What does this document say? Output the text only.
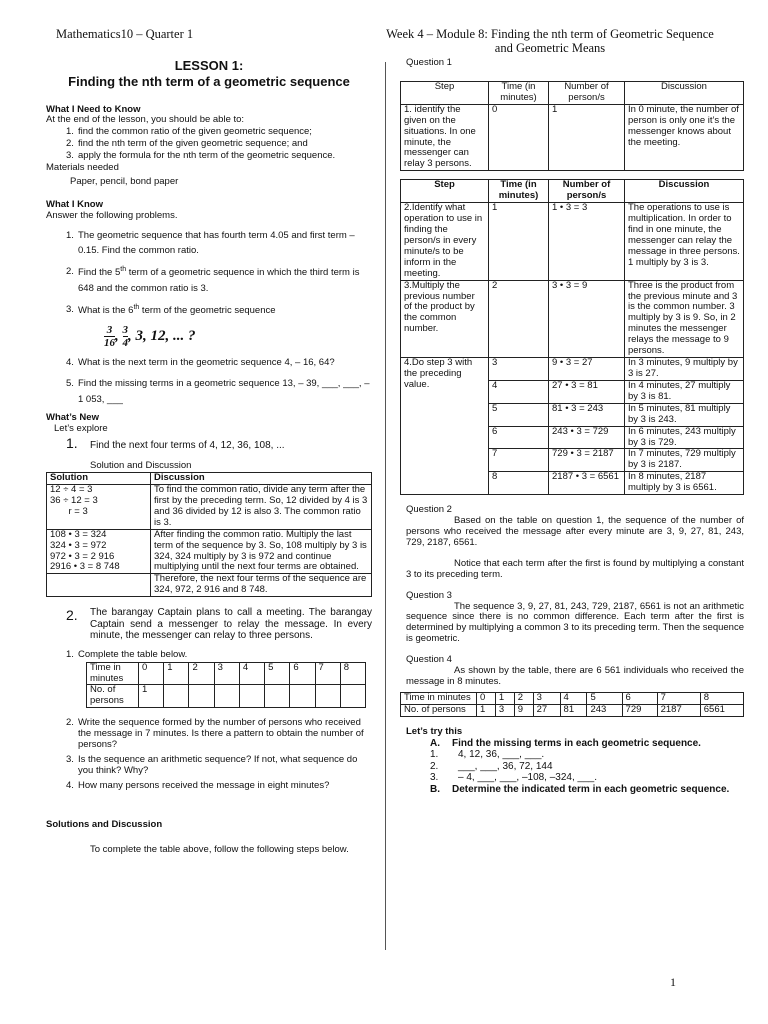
Mathematics10 – Quarter 1	Week 4 – Module 8: Finding the nth term of Geometric Sequence
and Geometric Means
LESSON 1:
Finding the nth term of a geometric sequence
What I Need to Know

At the end of the lesson, you should be able to:

1. find the common ratio of the given geometric sequence;
2. find the nth term of the given geometric sequence; and
3. apply the formula for the nth term of the geometric sequence.

Materials needed

Paper, pencil, bond paper

What I Know

Answer the following problems.

1. The geometric sequence that has fourth term 4.05 and first term – 0.15. Find the common ratio.
2. Find the 5th term of a geometric sequence in which the third term is 648 and the common ratio is 3.
3. What is the 6th term of the geometric sequence
$\frac{3}{16}$ , $\frac{3}{4}$ , 3, 12, ... ?
4. What is the next term in the geometric sequence 4, – 16, 64?
5. Find the missing terms in a geometric sequence 13, – 39, ___, ___, –1 053, ___
What’s New

Let’s explore

1.	Find the next four terms of 4, 12, 36, 108, ...

Solution and Discussion

Solution	Discussion
12 ÷ 4 = 3
36 ÷ 12 = 3
r = 3	To find the common ratio, divide any term after the first by the preceding term. So, 12 divided by 4 is 3 and 36 divided by 12 is also 3. The common ratio is 3.
108 • 3 = 324
324 • 3 = 972
972 • 3 = 2 916
2916 • 3 = 8 748	After finding the common ratio. Multiply the last term of the sequence by 3. So, 108 multiply by 3 is 324, 324 multiply by 3 is 972 and continue multiplying until the next four terms are obtained.
	Therefore, the next four terms of the sequence are 324, 972, 2 916 and 8 748.
2.	The barangay Captain plans to call a meeting. The barangay Captain send a messenger to relay the message. In every minute, the messenger can relay to three persons.
1. Complete the table below.
Time in minutes	0	1	2	3	4	5	6	7	8
No. of persons	1								
2. Write the sequence formed by the number of persons who received the message in 7 minutes. Is there a pattern to obtain the number of persons?
3. Is the sequence an arithmetic sequence? If not, what sequence do you think? Why?
4. How many persons received the message in eight minutes?
Solutions and Discussion

To complete the table above, follow the following steps below.

Question 1

Step	Time (in minutes)	Number of person/s	Discussion
1. identify the given on the situations. In one minute, the messenger can relay 3 persons.	0	1	In 0 minute, the number of person is only one it’s the messenger knows about the meeting.
Step	Time (in minutes)	Number of person/s	Discussion
2.Identify what operation to use in finding the person/s in every minute/s to be inform in the meeting.	1	1 • 3 = 3	The operations to use is multiplication. In order to find in one minute, the messenger can relay the message in three persons. 1 multiply by 3 is 3.
3.Multiply the previous number of the product by the common number.	2	3 • 3 = 9	Three is the product from the previous minute and 3 is the common number. 3 multiply by 3 is 9. So, in 2 minutes the messenger relays the message to 9 persons.
4.Do step 3 with the preceding value.	3	9 • 3 = 27	In 3 minutes, 9 multiply by 3 is 27.
	4	27 • 3 = 81	In 4 minutes, 27 multiply by 3 is 81.
	5	81 • 3 = 243	In 5 minutes, 81 multiply by 3 is 243.
	6	243 • 3 = 729	In 6 minutes, 243 multiply by 3 is 729.
	7	729 • 3 = 2187	In 7 minutes, 729 multiply by 3 is 2187.
	8	2187 • 3 = 6561	In 8 minutes, 2187 multiply by 3 is 6561.

Question 2

Based on the table on question 1, the sequence of the number of persons who received the message after every minute are 3, 9, 27, 81, 243, 729, 2187, 6561.

Notice that each term after the first is found by multiplying a constant 3 to its preceding term.

Question 3

The sequence 3, 9, 27, 81, 243, 729, 2187, 6561 is not an arithmetic sequence since there is no common difference. Each term after the first is determined by multiplying a common 3 to its preceding term. Then the sequence is geometric.

Question 4

As shown by the table, there are 6 561 individuals who received the message in 8 minutes.

Time in minutes	0	1	2	3	4	5	6	7	8
No. of persons	1	3	9	27	81	243	729	2187	6561
Let’s try this
A.	Find the missing terms in each geometric sequence.
1.	4, 12, 36, ___, ___.
2.	___, ___, 36, 72, 144
3.	– 4, ___, ___, –108, –324, ___.
B.	Determine the indicated term in each geometric sequence.
1
